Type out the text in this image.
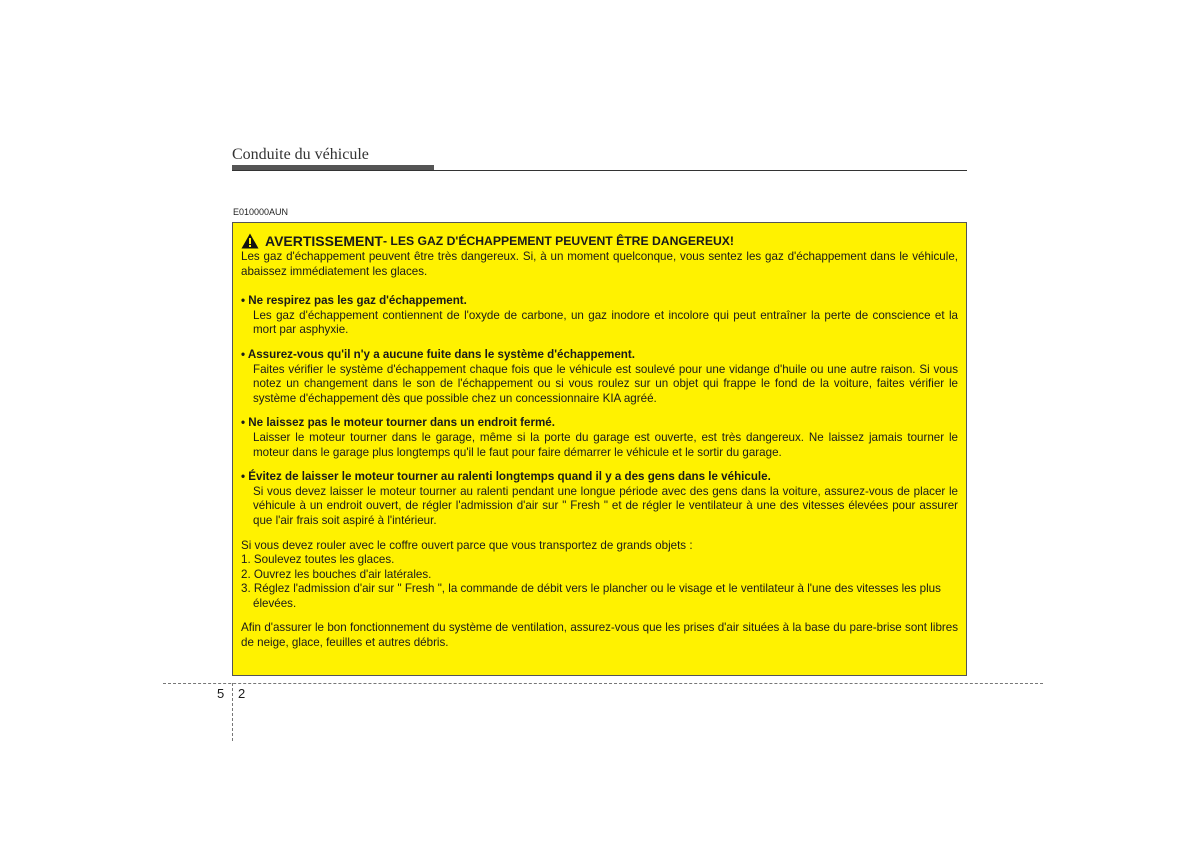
Conduite du véhicule
E010000AUN
AVERTISSEMENT - LES GAZ D'ÉCHAPPEMENT PEUVENT ÊTRE DANGEREUX!

Les gaz d'échappement peuvent être très dangereux. Si, à un moment quelconque, vous sentez les gaz d'échappement dans le véhicule, abaissez immédiatement les glaces.

• Ne respirez pas les gaz d'échappement.
Les gaz d'échappement contiennent de l'oxyde de carbone, un gaz inodore et incolore qui peut entraîner la perte de conscience et la mort par asphyxie.
• Assurez-vous qu'il n'y a aucune fuite dans le système d'échappement.
Faites vérifier le système d'échappement chaque fois que le véhicule est soulevé pour une vidange d'huile ou une autre raison. Si vous notez un changement dans le son de l'échappement ou si vous roulez sur un objet qui frappe le fond de la voiture, faites vérifier le système d'échappement dès que possible chez un concessionnaire KIA agréé.
• Ne laissez pas le moteur tourner dans un endroit fermé.
Laisser le moteur tourner dans le garage, même si la porte du garage est ouverte, est très dangereux. Ne laissez jamais tourner le moteur dans le garage plus longtemps qu'il le faut pour faire démarrer le véhicule et le sortir du garage.
• Évitez de laisser le moteur tourner au ralenti longtemps quand il y a des gens dans le véhicule.
Si vous devez laisser le moteur tourner au ralenti pendant une longue période avec des gens dans la voiture, assurez-vous de placer le véhicule à un endroit ouvert, de régler l'admission d'air sur " Fresh " et de régler le ventilateur à une des vitesses élevées pour assurer que l'air frais soit aspiré à l'intérieur.

Si vous devez rouler avec le coffre ouvert parce que vous transportez de grands objets :

1. Soulevez toutes les glaces.
2. Ouvrez les bouches d'air latérales.
3. Réglez l'admission d'air sur " Fresh ", la commande de débit vers le plancher ou le visage et le ventilateur à l'une des vitesses les plus élevées.

Afin d'assurer le bon fonctionnement du système de ventilation, assurez-vous que les prises d'air situées à la base du pare-brise sont libres de neige, glace, feuilles et autres débris.

5 2
